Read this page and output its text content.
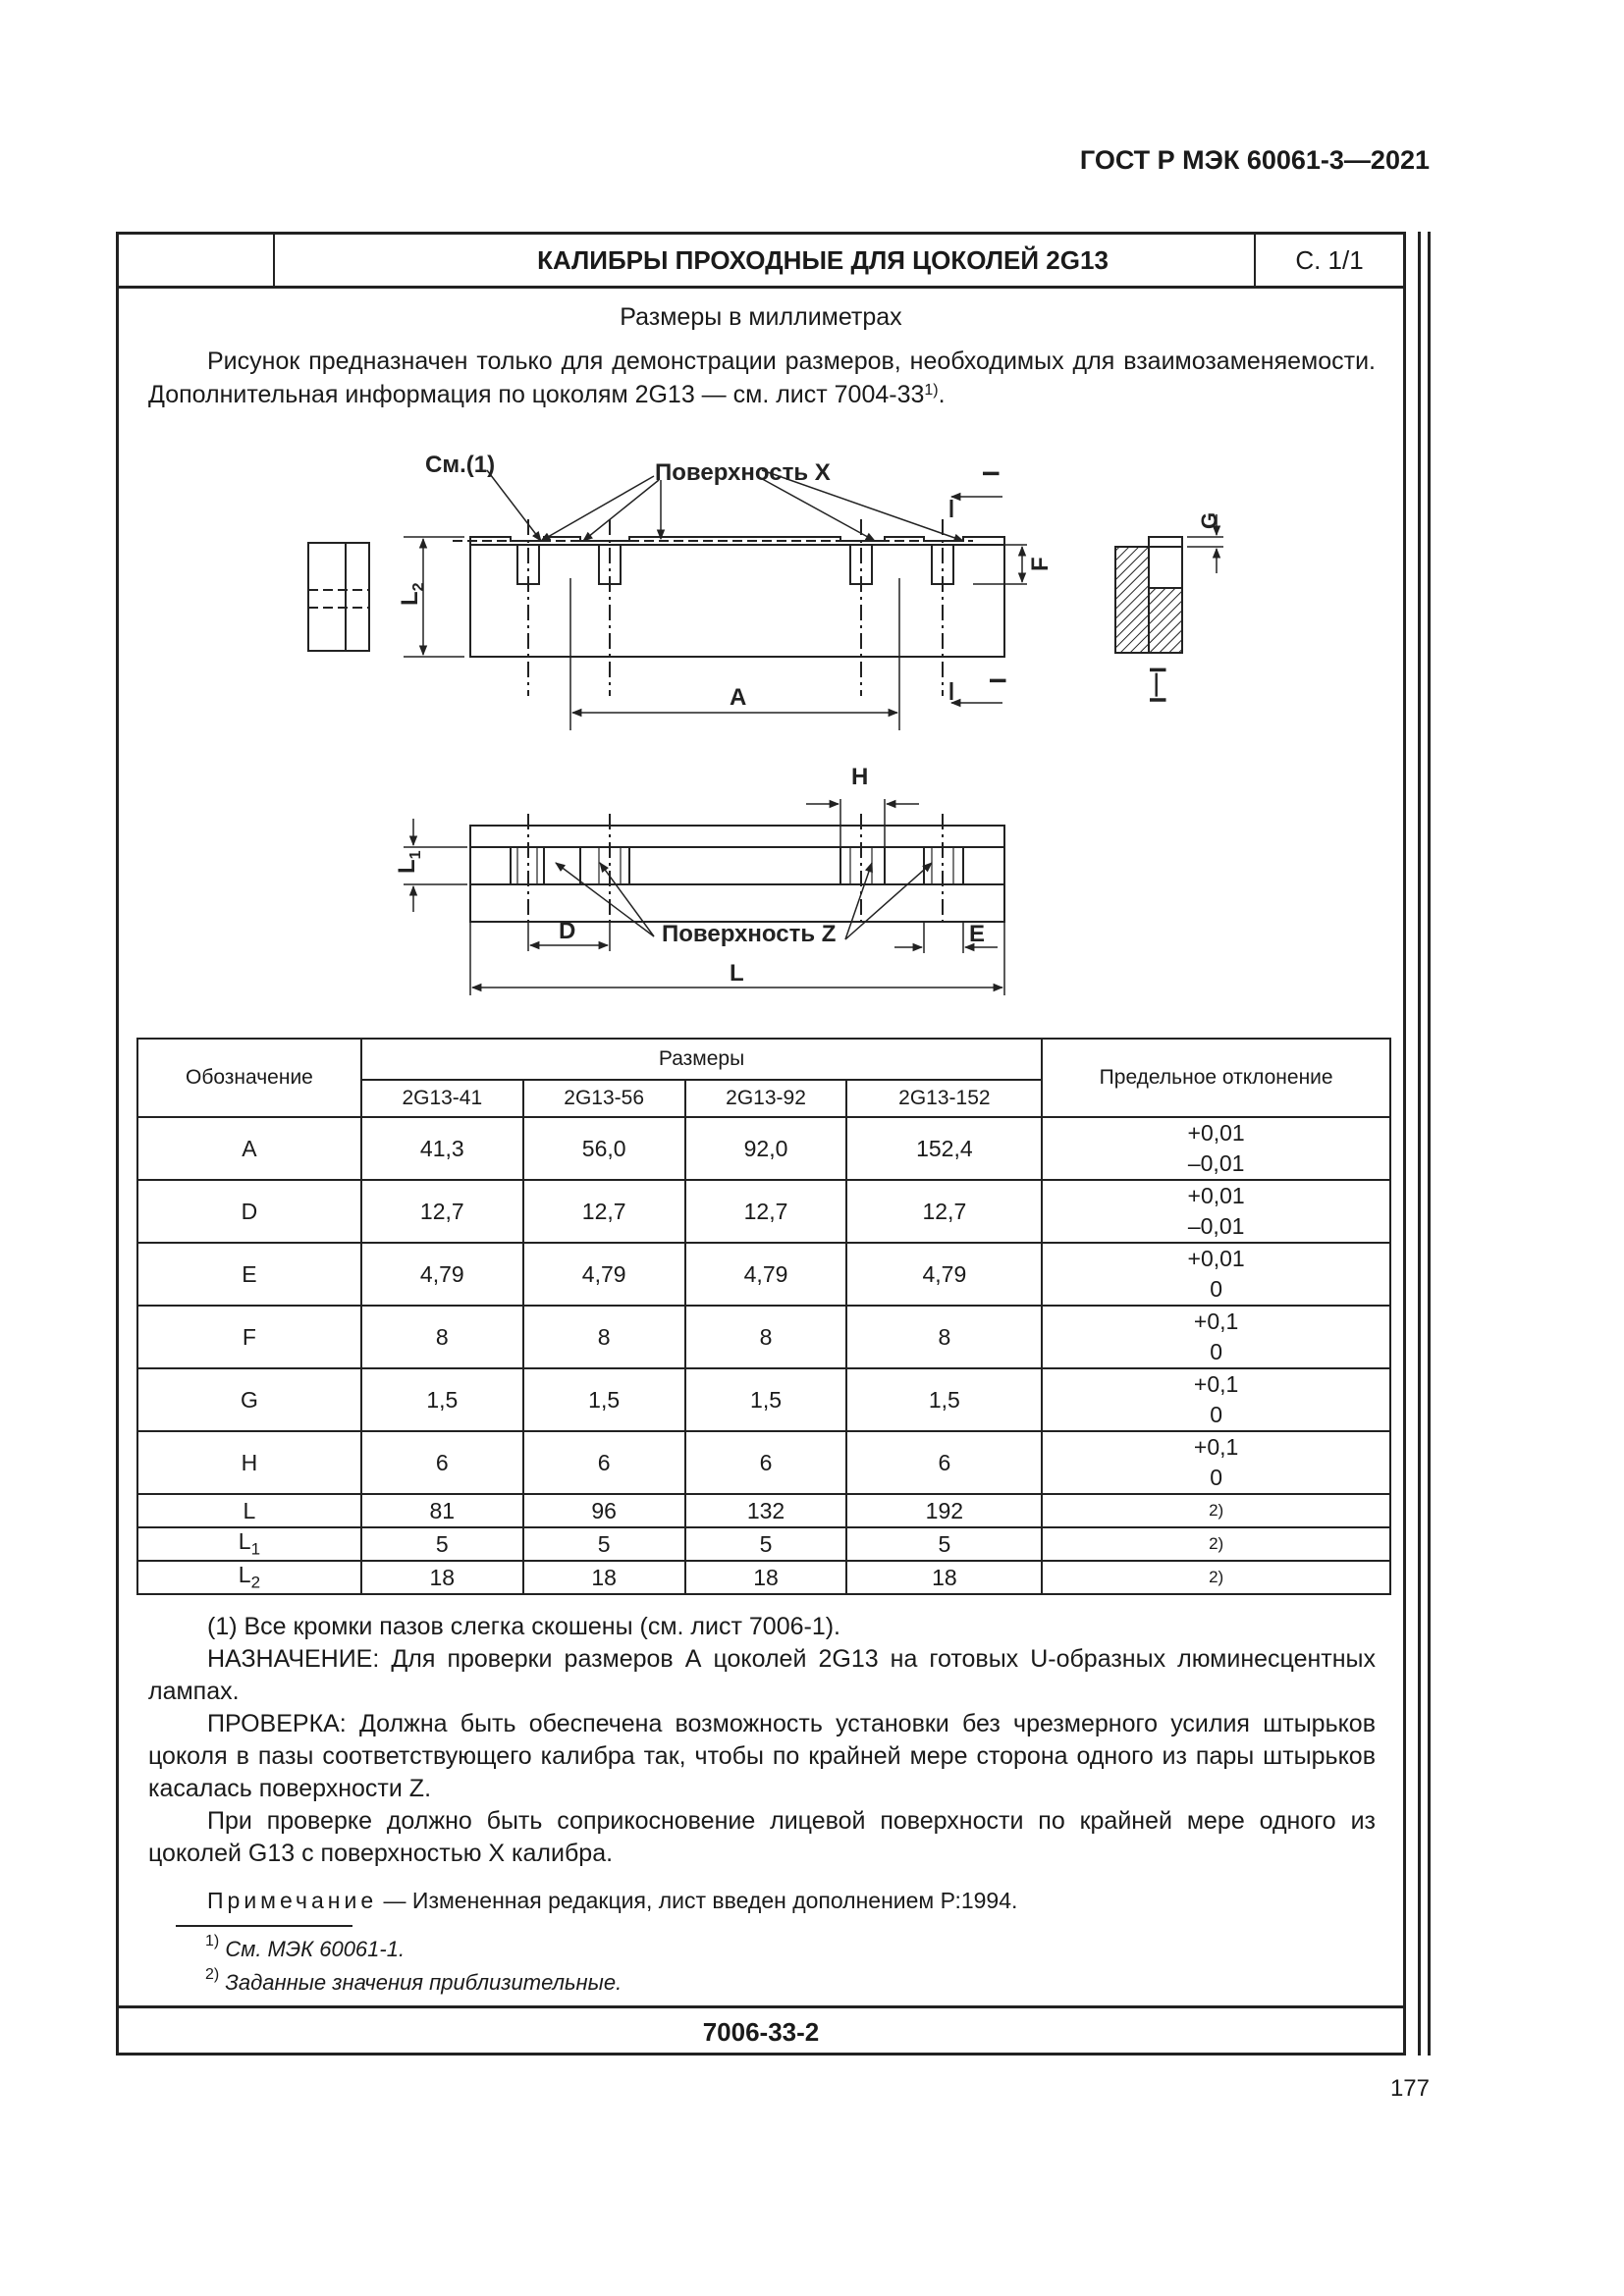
ГОСТ Р МЭК 60061-3—2021
КАЛИБРЫ ПРОХОДНЫЕ ДЛЯ ЦОКОЛЕЙ 2G13	С. 1/1
Размеры в миллиметрах
Рисунок предназначен только для демонстрации размеров, необходимых для взаимозаменяемости. Дополнительная информация по цоколям 2G13 — см. лист 7004-33$^{1)}$.
См.(1)	Поверхность X
A
I
I
F
$L_2$
G
I—I
H
D	E
L
Поверхность Z
$L_1$
Обозначение	Размеры				Предельное отклонение
	2G13-41	2G13-56	2G13-92	2G13-152	
A	41,3	56,0	92,0	152,4	+0,01
–0,01

D	12,7	12,7	12,7	12,7	+0,01
–0,01

E	4,79	4,79	4,79	4,79	+0,01
0

F	8	8	8	8	+0,1
0

G	1,5	1,5	1,5	1,5	+0,1
0

H	6	6	6	6	+0,1
0

L	81	96	132	192	2)

$L_1$	5	5	5	5	2)

$L_2$	18	18	18	18	2)

(1) Все кромки пазов слегка скошены (см. лист 7006-1).

НАЗНАЧЕНИЕ: Для проверки размеров А цоколей 2G13 на готовых U-образных люминесцентных лампах.

ПРОВЕРКА: Должна быть обеспечена возможность установки без чрезмерного усилия штырьков цоколя в пазы соответствующего калибра так, чтобы по крайней мере сторона одного из пары штырьков касалась поверхности Z.

При проверке должно быть соприкосновение лицевой поверхности по крайней мере одного из цоколей G13 с поверхностью X калибра.

Примечание — Измененная редакция, лист введен дополнением Р:1994.
$^{1)}$ См. МЭК 60061-1.
$^{2)}$ Заданные значения приблизительные.
7006-33-2
177
